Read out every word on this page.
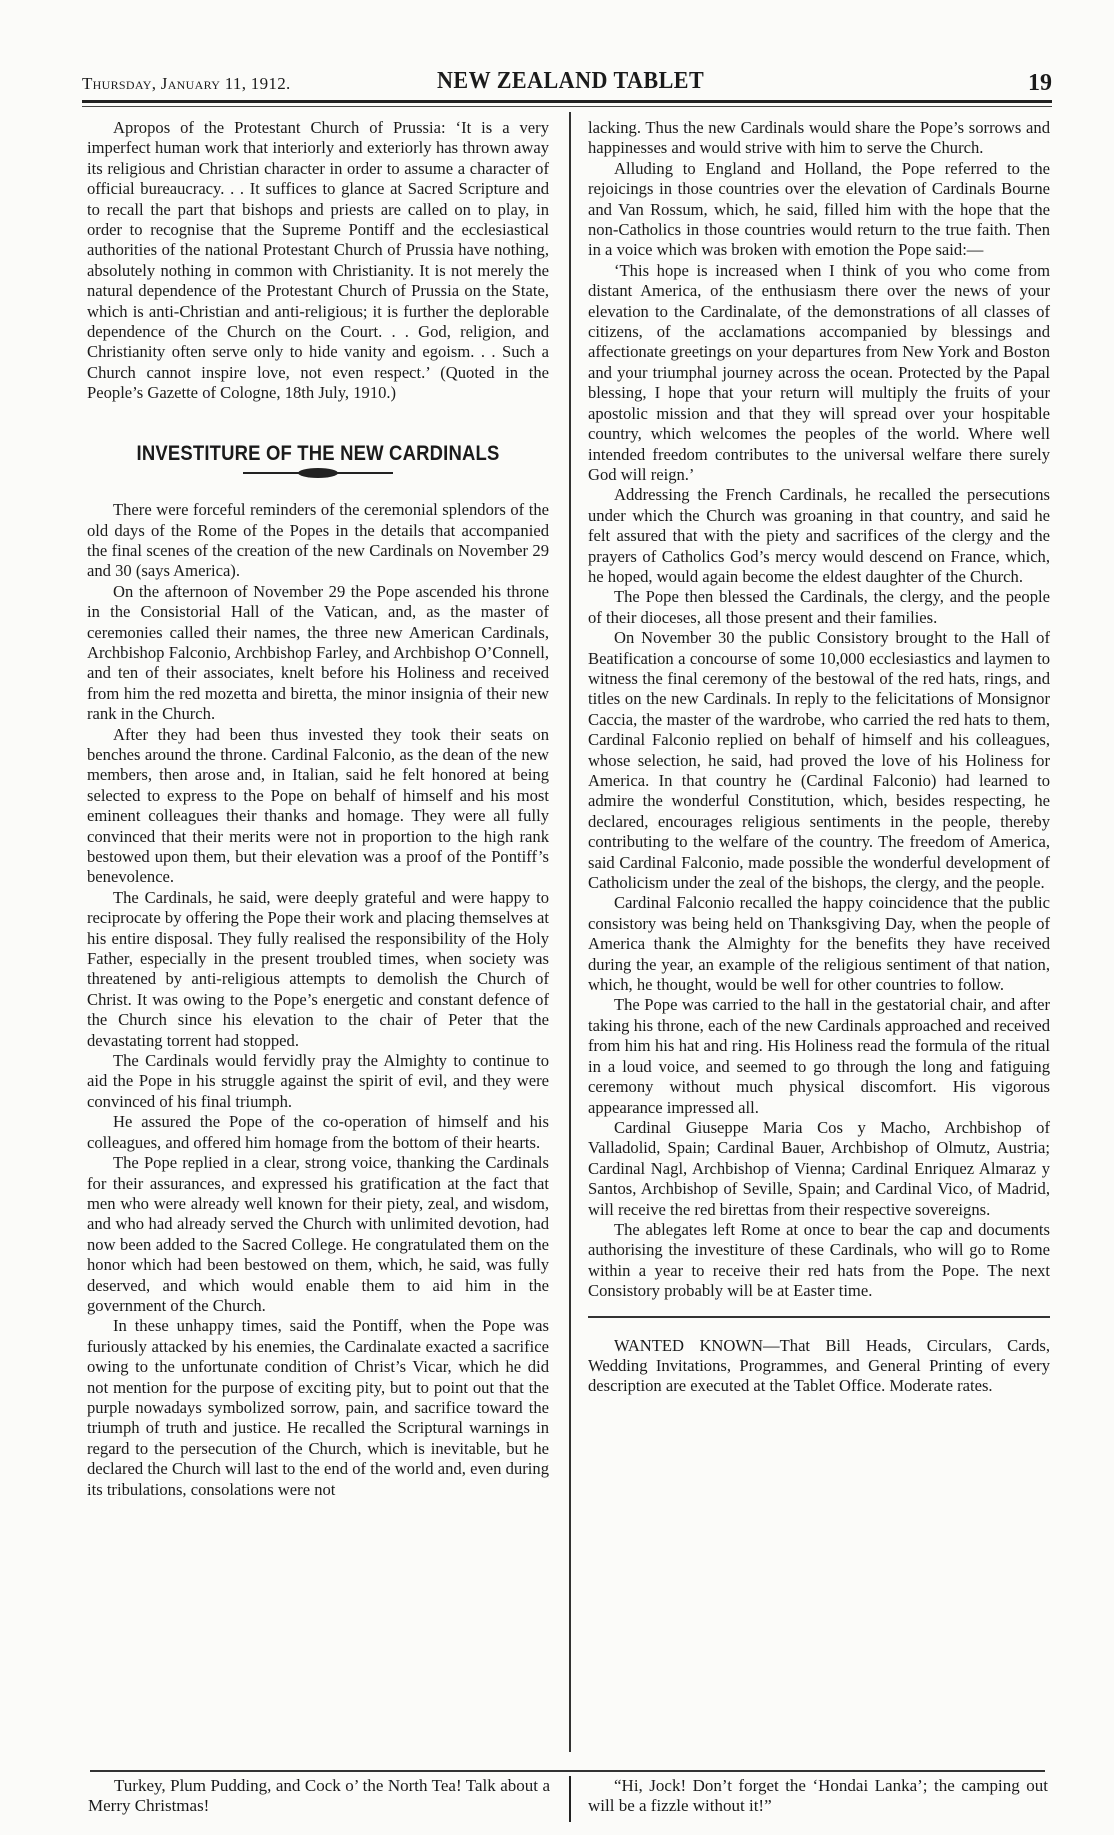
Thursday, January 11, 1912.	NEW ZEALAND TABLET	19

Apropos of the Protestant Church of Prussia: ‘It is a very imperfect human work that interiorly and exteriorly has thrown away its religious and Christian character in order to assume a character of official bureaucracy. . . It suffices to glance at Sacred Scripture and to recall the part that bishops and priests are called on to play, in order to recognise that the Supreme Pontiff and the ecclesiastical authorities of the national Protestant Church of Prussia have nothing, absolutely nothing in common with Christianity. It is not merely the natural dependence of the Protestant Church of Prussia on the State, which is anti-Christian and anti-religious; it is further the deplorable dependence of the Church on the Court. . . God, religion, and Christianity often serve only to hide vanity and egoism. . . Such a Church cannot inspire love, not even respect.’ (Quoted in the People’s Gazette of Cologne, 18th July, 1910.)

INVESTITURE OF THE NEW CARDINALS

There were forceful reminders of the ceremonial splendors of the old days of the Rome of the Popes in the details that accompanied the final scenes of the creation of the new Cardinals on November 29 and 30 (says America).

On the afternoon of November 29 the Pope ascended his throne in the Consistorial Hall of the Vatican, and, as the master of ceremonies called their names, the three new American Cardinals, Archbishop Falconio, Archbishop Farley, and Archbishop O’Connell, and ten of their associates, knelt before his Holiness and received from him the red mozetta and biretta, the minor insignia of their new rank in the Church.

After they had been thus invested they took their seats on benches around the throne. Cardinal Falconio, as the dean of the new members, then arose and, in Italian, said he felt honored at being selected to express to the Pope on behalf of himself and his most eminent colleagues their thanks and homage. They were all fully convinced that their merits were not in proportion to the high rank bestowed upon them, but their elevation was a proof of the Pontiff’s benevolence.

The Cardinals, he said, were deeply grateful and were happy to reciprocate by offering the Pope their work and placing themselves at his entire disposal. They fully realised the responsibility of the Holy Father, especially in the present troubled times, when society was threatened by anti-religious attempts to demolish the Church of Christ. It was owing to the Pope’s energetic and constant defence of the Church since his elevation to the chair of Peter that the devastating torrent had stopped.

The Cardinals would fervidly pray the Almighty to continue to aid the Pope in his struggle against the spirit of evil, and they were convinced of his final triumph.

He assured the Pope of the co-operation of himself and his colleagues, and offered him homage from the bottom of their hearts.

The Pope replied in a clear, strong voice, thanking the Cardinals for their assurances, and expressed his gratification at the fact that men who were already well known for their piety, zeal, and wisdom, and who had already served the Church with unlimited devotion, had now been added to the Sacred College. He congratulated them on the honor which had been bestowed on them, which, he said, was fully deserved, and which would enable them to aid him in the government of the Church.

In these unhappy times, said the Pontiff, when the Pope was furiously attacked by his enemies, the Cardinalate exacted a sacrifice owing to the unfortunate condition of Christ’s Vicar, which he did not mention for the purpose of exciting pity, but to point out that the purple nowadays symbolized sorrow, pain, and sacrifice toward the triumph of truth and justice. He recalled the Scriptural warnings in regard to the persecution of the Church, which is inevitable, but he declared the Church will last to the end of the world and, even during its tribulations, consolations were not

lacking. Thus the new Cardinals would share the Pope’s sorrows and happinesses and would strive with him to serve the Church.

Alluding to England and Holland, the Pope referred to the rejoicings in those countries over the elevation of Cardinals Bourne and Van Rossum, which, he said, filled him with the hope that the non-Catholics in those countries would return to the true faith. Then in a voice which was broken with emotion the Pope said:—

‘This hope is increased when I think of you who come from distant America, of the enthusiasm there over the news of your elevation to the Cardinalate, of the demonstrations of all classes of citizens, of the acclamations accompanied by blessings and affectionate greetings on your departures from New York and Boston and your triumphal journey across the ocean. Protected by the Papal blessing, I hope that your return will multiply the fruits of your apostolic mission and that they will spread over your hospitable country, which welcomes the peoples of the world. Where well intended freedom contributes to the universal welfare there surely God will reign.’

Addressing the French Cardinals, he recalled the persecutions under which the Church was groaning in that country, and said he felt assured that with the piety and sacrifices of the clergy and the prayers of Catholics God’s mercy would descend on France, which, he hoped, would again become the eldest daughter of the Church.

The Pope then blessed the Cardinals, the clergy, and the people of their dioceses, all those present and their families.

On November 30 the public Consistory brought to the Hall of Beatification a concourse of some 10,000 ecclesiastics and laymen to witness the final ceremony of the bestowal of the red hats, rings, and titles on the new Cardinals. In reply to the felicitations of Monsignor Caccia, the master of the wardrobe, who carried the red hats to them, Cardinal Falconio replied on behalf of himself and his colleagues, whose selection, he said, had proved the love of his Holiness for America. In that country he (Cardinal Falconio) had learned to admire the wonderful Constitution, which, besides respecting, he declared, encourages religious sentiments in the people, thereby contributing to the welfare of the country. The freedom of America, said Cardinal Falconio, made possible the wonderful development of Catholicism under the zeal of the bishops, the clergy, and the people.

Cardinal Falconio recalled the happy coincidence that the public consistory was being held on Thanksgiving Day, when the people of America thank the Almighty for the benefits they have received during the year, an example of the religious sentiment of that nation, which, he thought, would be well for other countries to follow.

The Pope was carried to the hall in the gestatorial chair, and after taking his throne, each of the new Cardinals approached and received from him his hat and ring. His Holiness read the formula of the ritual in a loud voice, and seemed to go through the long and fatiguing ceremony without much physical discomfort. His vigorous appearance impressed all.

Cardinal Giuseppe Maria Cos y Macho, Archbishop of Valladolid, Spain; Cardinal Bauer, Archbishop of Olmutz, Austria; Cardinal Nagl, Archbishop of Vienna; Cardinal Enriquez Almaraz y Santos, Archbishop of Seville, Spain; and Cardinal Vico, of Madrid, will receive the red birettas from their respective sovereigns.

The ablegates left Rome at once to bear the cap and documents authorising the investiture of these Cardinals, who will go to Rome within a year to receive their red hats from the Pope. The next Consistory probably will be at Easter time.

WANTED KNOWN—That Bill Heads, Circulars, Cards, Wedding Invitations, Programmes, and General Printing of every description are executed at the Tablet Office. Moderate rates.

Turkey, Plum Pudding, and Cock o’ the North Tea! Talk about a Merry Christmas!
“Hi, Jock! Don’t forget the ‘Hondai Lanka’; the camping out will be a fizzle without it!”
